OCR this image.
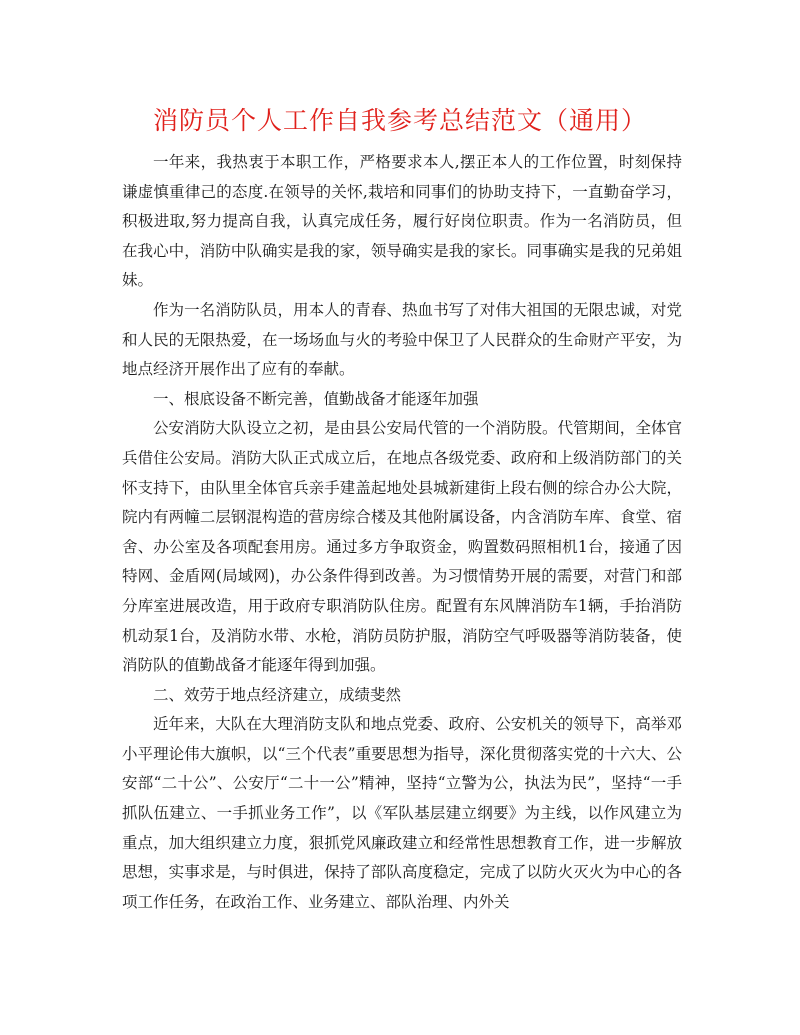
消防员个人工作自我参考总结范文（通用）

一年来，我热衷于本职工作，严格要求本人,摆正本人的工作位置，时刻保持谦虚慎重律己的态度.在领导的关怀,栽培和同事们的协助支持下，一直勤奋学习，积极进取,努力提高自我，认真完成任务，履行好岗位职责。作为一名消防员，但在我心中，消防中队确实是我的家，领导确实是我的家长。同事确实是我的兄弟姐妹。

作为一名消防队员，用本人的青春、热血书写了对伟大祖国的无限忠诚，对党和人民的无限热爱，在一场场血与火的考验中保卫了人民群众的生命财产平安，为地点经济开展作出了应有的奉献。

一、根底设备不断完善，值勤战备才能逐年加强

公安消防大队设立之初，是由县公安局代管的一个消防股。代管期间，全体官兵借住公安局。消防大队正式成立后，在地点各级党委、政府和上级消防部门的关怀支持下，由队里全体官兵亲手建盖起地处县城新建街上段右侧的综合办公大院，院内有两幢二层钢混构造的营房综合楼及其他附属设备，内含消防车库、食堂、宿舍、办公室及各项配套用房。通过多方争取资金，购置数码照相机1台，接通了因特网、金盾网(局域网)，办公条件得到改善。为习惯情势开展的需要，对营门和部分库室进展改造，用于政府专职消防队住房。配置有东风牌消防车1辆，手抬消防机动泵1台，及消防水带、水枪，消防员防护服，消防空气呼吸器等消防装备，使消防队的值勤战备才能逐年得到加强。

二、效劳于地点经济建立，成绩斐然

近年来，大队在大理消防支队和地点党委、政府、公安机关的领导下，高举邓小平理论伟大旗帜，以“三个代表”重要思想为指导，深化贯彻落实党的十六大、公安部“二十公”、公安厅“二十一公”精神，坚持“立警为公，执法为民”，坚持“一手抓队伍建立、一手抓业务工作”，以《军队基层建立纲要》为主线，以作风建立为重点，加大组织建立力度，狠抓党风廉政建立和经常性思想教育工作，进一步解放思想，实事求是，与时俱进，保持了部队高度稳定，完成了以防火灭火为中心的各项工作任务，在政治工作、业务建立、部队治理、内外关
